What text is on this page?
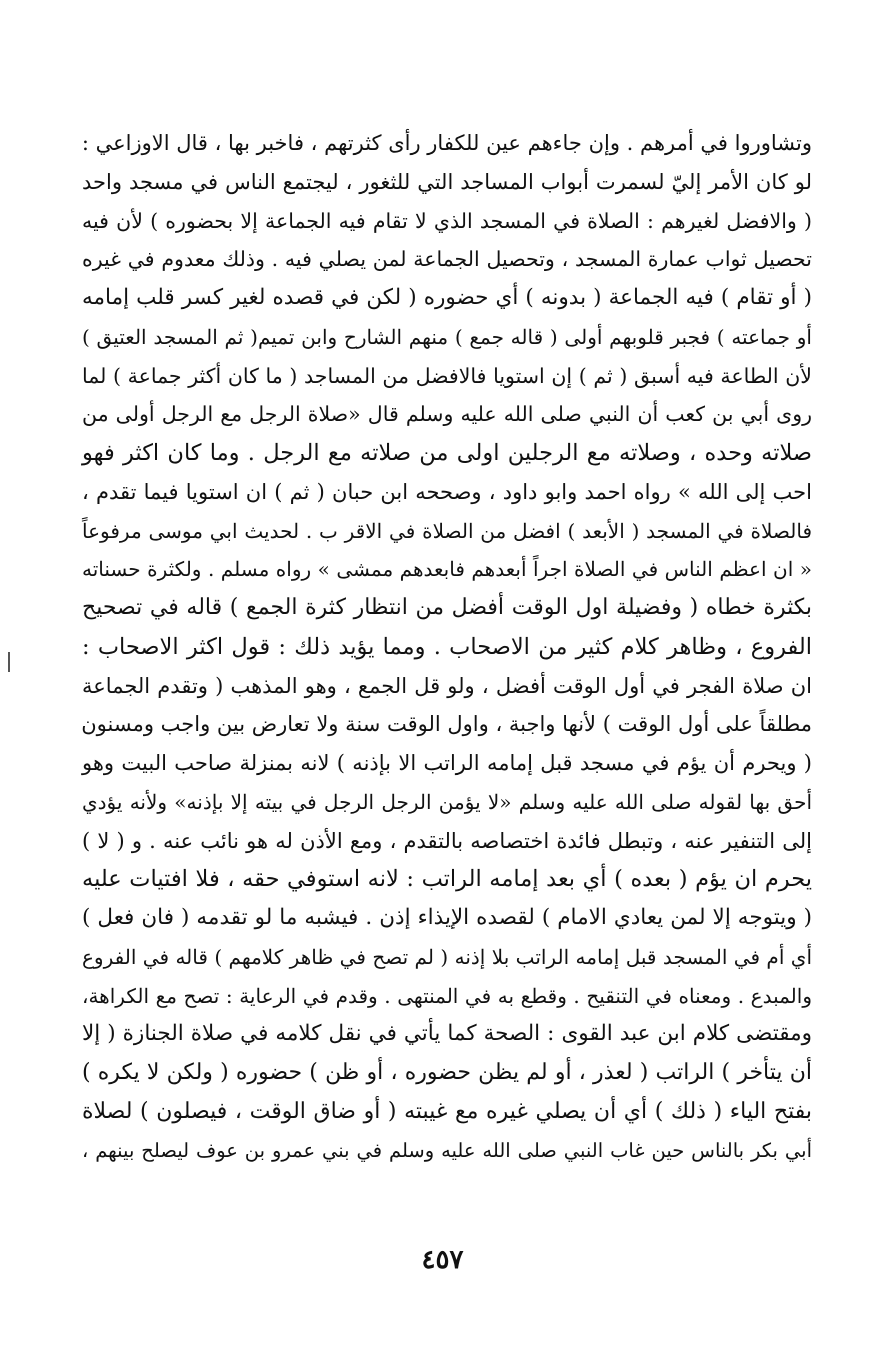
وتشاوروا في أمرهم . وإن جاءهم عين للكفار رأى كثرتهم ، فاخبر بها ، قال الاوزاعي :
لو كان الأمر إليّ لسمرت أبواب المساجد التي للثغور ، ليجتمع الناس في مسجد واحد
( والافضل لغيرهم : الصلاة في المسجد الذي لا تقام فيه الجماعة إلا بحضوره ) لأن فيه
تحصيل ثواب عمارة المسجد ، وتحصيل الجماعة لمن يصلي فيه . وذلك معدوم في غيره
( أو تقام ) فيه الجماعة ( بدونه ) أي حضوره ( لكن في قصده لغير كسر قلب إمامه
أو جماعته ) فجبر قلوبهم أولى ( قاله جمع ) منهم الشارح وابن تميم( ثم المسجد العتيق )
لأن الطاعة فيه أسبق ( ثم ) إن استويا فالافضل من المساجد ( ما كان أكثر جماعة ) لما
روى أبي بن كعب أن النبي صلى الله عليه وسلم قال «صلاة الرجل مع الرجل أولى من
صلاته وحده ، وصلاته مع الرجلين اولى من صلاته مع الرجل . وما كان اكثر فهو
احب إلى الله » رواه احمد وابو داود ، وصححه ابن حبان ( ثم ) ان استويا فيما تقدم ،
فالصلاة في المسجد ( الأبعد ) افضل من الصلاة في الاقر ب . لحديث ابي موسى مرفوعاً
« ان اعظم الناس في الصلاة اجراً أبعدهم فابعدهم ممشى » رواه مسلم . ولكثرة حسناته
بكثرة خطاه ( وفضيلة اول الوقت أفضل من انتظار كثرة الجمع ) قاله في تصحيح
الفروع ، وظاهر كلام كثير من الاصحاب . ومما يؤيد ذلك : قول اكثر الاصحاب :
ان صلاة الفجر في أول الوقت أفضل ، ولو قل الجمع ، وهو المذهب ( وتقدم الجماعة
مطلقاً على أول الوقت ) لأنها واجبة ، واول الوقت سنة ولا تعارض بين واجب ومسنون
( ويحرم أن يؤم في مسجد قبل إمامه الراتب الا بإذنه ) لانه بمنزلة صاحب البيت وهو
أحق بها لقوله صلى الله عليه وسلم «لا يؤمن الرجل الرجل في بيته إلا بإذنه» ولأنه يؤدي
إلى التنفير عنه ، وتبطل فائدة اختصاصه بالتقدم ، ومع الأذن له هو نائب عنه . و ( لا )
يحرم ان يؤم ( بعده ) أي بعد إمامه الراتب : لانه استوفي حقه ، فلا افتيات عليه
( ويتوجه إلا لمن يعادي الامام ) لقصده الإيذاء إذن . فيشبه ما لو تقدمه ( فان فعل )
أي أم في المسجد قبل إمامه الراتب بلا إذنه ( لم تصح في ظاهر كلامهم ) قاله في الفروع
والمبدع . ومعناه في التنقيح . وقطع به في المنتهى . وقدم في الرعاية : تصح مع الكراهة،
ومقتضى كلام ابن عبد القوى : الصحة كما يأتي في نقل كلامه في صلاة الجنازة ( إلا
أن يتأخر ) الراتب ( لعذر ، أو لم يظن حضوره ، أو ظن ) حضوره ( ولكن لا يكره )
بفتح الياء ( ذلك ) أي أن يصلي غيره مع غيبته ( أو ضاق الوقت ، فيصلون ) لصلاة
أبي بكر بالناس حين غاب النبي صلى الله عليه وسلم في بني عمرو بن عوف ليصلح بينهم ،
٤٥٧
